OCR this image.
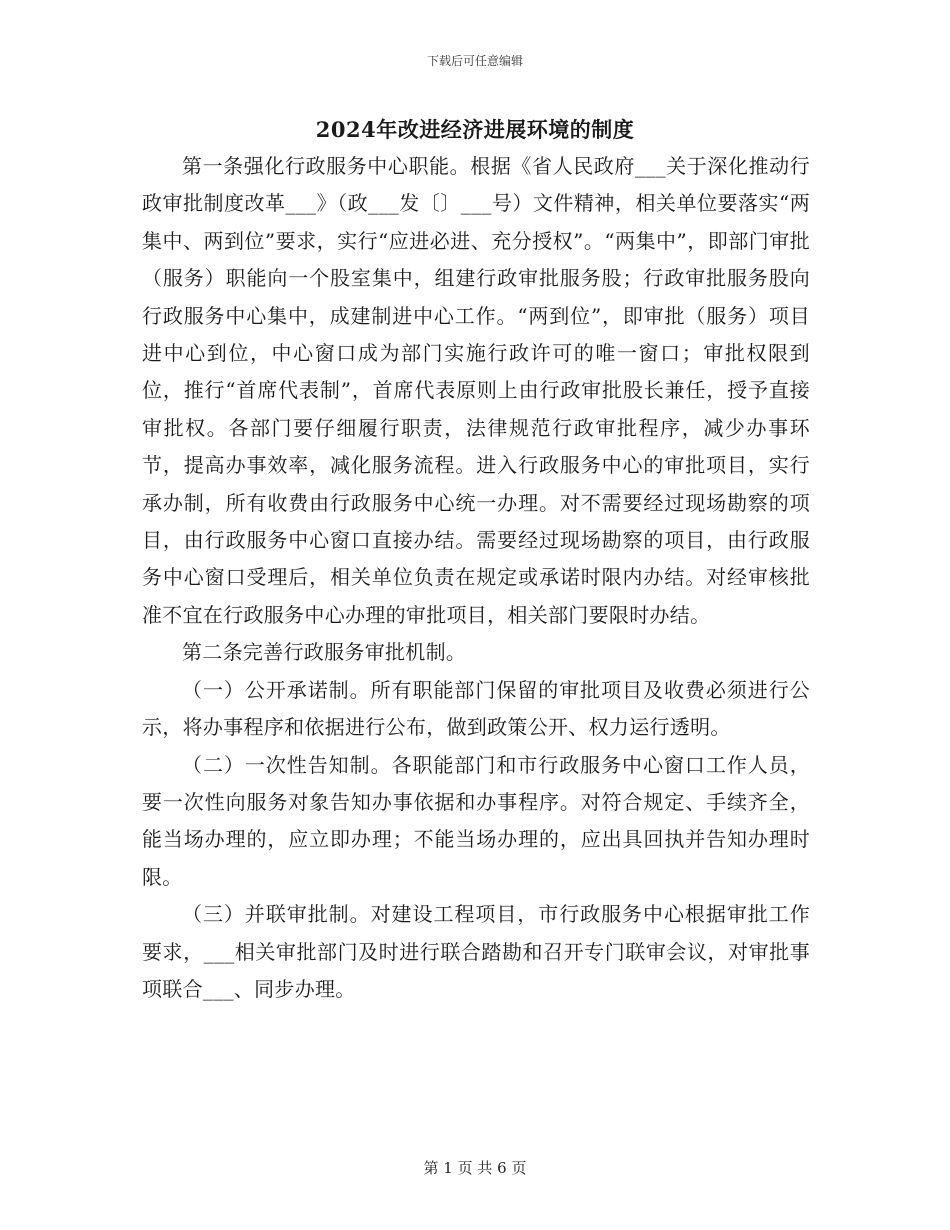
下载后可任意编辑
2024年改进经济进展环境的制度

第一条强化行政服务中心职能。根据《省人民政府___关于深化推动行政审批制度改革___》（政___发〔〕___号）文件精神，相关单位要落实“两集中、两到位”要求，实行“应进必进、充分授权”。“两集中”，即部门审批（服务）职能向一个股室集中，组建行政审批服务股；行政审批服务股向行政服务中心集中，成建制进中心工作。“两到位”，即审批（服务）项目进中心到位，中心窗口成为部门实施行政许可的唯一窗口；审批权限到位，推行“首席代表制”，首席代表原则上由行政审批股长兼任，授予直接审批权。各部门要仔细履行职责，法律规范行政审批程序，减少办事环节，提高办事效率，减化服务流程。进入行政服务中心的审批项目，实行承办制，所有收费由行政服务中心统一办理。对不需要经过现场勘察的项目，由行政服务中心窗口直接办结。需要经过现场勘察的项目，由行政服务中心窗口受理后，相关单位负责在规定或承诺时限内办结。对经审核批准不宜在行政服务中心办理的审批项目，相关部门要限时办结。

第二条完善行政服务审批机制。

（一）公开承诺制。所有职能部门保留的审批项目及收费必须进行公示，将办事程序和依据进行公布，做到政策公开、权力运行透明。

（二）一次性告知制。各职能部门和市行政服务中心窗口工作人员，要一次性向服务对象告知办事依据和办事程序。对符合规定、手续齐全，能当场办理的，应立即办理；不能当场办理的，应出具回执并告知办理时限。

（三）并联审批制。对建设工程项目，市行政服务中心根据审批工作要求，___相关审批部门及时进行联合踏勘和召开专门联审会议，对审批事项联合___、同步办理。

第 1 页 共 6 页
